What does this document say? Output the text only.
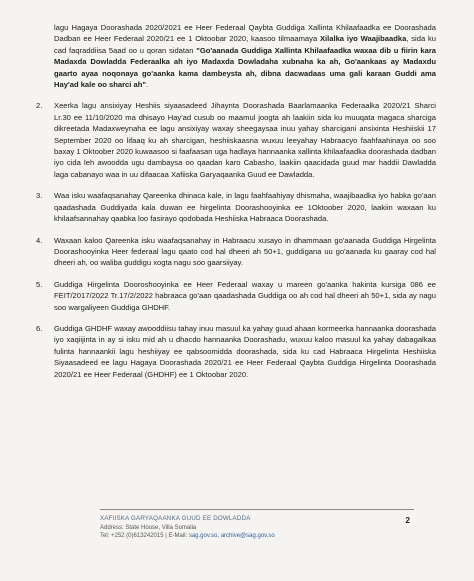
lagu Hagaya Doorashada 2020/2021 ee Heer Federaal Qaybta Guddiga Xallinta Khilaafaadka ee Doorashada Dadban ee Heer Federaal 2020/21 ee 1 Oktoobar 2020, kaasoo tilmaamaya Xilalka iyo Waajibaadka, sida ku cad faqraddiisa 5aad oo u qoran sidatan "Go'aanada Guddiga Xallinta Khilaafaadka waxaa dib u fiirin kara Madaxda Dowladda Federaalka ah iyo Madaxda Dowladaha xubnaha ka ah, Go'aankaas ay Madaxdu gaarto ayaa noqonaya go'aanka kama dambeysta ah, dibna dacwadaas uma gali karaan Guddi ama Hay'ad kale oo sharci ah".

2.	Xeerka lagu ansixiyay Heshiis siyaasadeed Jihaynta Doorashada Baarlamaanka Federaalka 2020/21 Sharci Lr.30 ee 11/10/2020 ma dhisayo Hay'ad cusub oo maamul joogta ah laakiin sida ku muuqata magaca sharciga dikreetada Madaxweynaha ee lagu ansixiyay waxay sheegaysaa inuu yahay sharcigani ansixinta Heshiiskii 17 September 2020 oo lifaaq ku ah sharcigan, heshiiskaasna wuxuu leeyahay Habraacyo faahfaahinaya oo soo baxay 1 Oktoober 2020 kuwaasoo si faafaasan uga hadlaya hannaanka xallinta khilaafaadka doorashada dadban iyo cida leh awoodda ugu dambaysa oo qaadan karo Cabasho, laakiin qaacidada guud mar haddii Dawladda laga cabanayo waa in uu difaacaa Xafiiska Garyaqaanka Guud ee Dawladda.

3.	Waa isku waafaqsanahay Qareenka dhinaca kale, in lagu faahfaahiyay dhismaha, waajibaadka iyo habka go'aan qaadashada Guddiyada kala duwan ee hirgelinta Doorashooyinka ee 1Oktoober 2020, laakiin waxaan ku khilaafsannahay qaabka loo fasirayo qodobada Heshiiska Habraaca Doorashada.

4.	Waxaan kaloo Qareenka isku waafaqsanahay in Habraacu xusayo in dhammaan go'aanada Guddiga Hirgelinta Doorashooyinka Heer federaal lagu qaato cod hal dheeri ah 50+1, guddigana uu go'aanada ku gaaray cod hal dheeri ah, oo waliba guddigu xogta nagu soo gaarsiiyay.

5.	Guddiga Hirgelinta Dooroshooyinka ee Heer Federaal waxay u mareen go'aanka hakinta kursiga 086 ee FEIT/2017/2022 Tr.17/2/2022 habraaca go'aan qaadashada Guddiga oo ah cod hal dheeri ah 50+1, sida ay nagu soo wargaliyeen Guddiga GHDHF.

6.	Guddiga GHDHF waxay awooddiisu tahay inuu masuul ka yahay guud ahaan kormeerka hannaanka doorashada iyo xaqiijinta in ay si isku mid ah u dhacdo hannaanka Doorashadu, wuxuu kaloo masuul ka yahay dabagalkaa fulinta hannaankii lagu heshiiyay ee qabsoomidda doorashada, sida ku cad Habraaca Hirgelinta Heshiiska Siyaasadeed ee lagu Hagaya Doorashada 2020/21 ee Heer Federaal Qaybta Guddiga Hirgelinta Doorashada 2020/21 ee Heer Federaal (GHDHF) ee 1 Oktoobar 2020.

XAFIISKA GARYAQAANKA GUUD EE DOWLADDA
Address: State House, Villa Somalia
Tel: +252 (0)613242015 | E-Mail: sag.gov.so, archive@sag.gov.so
2
